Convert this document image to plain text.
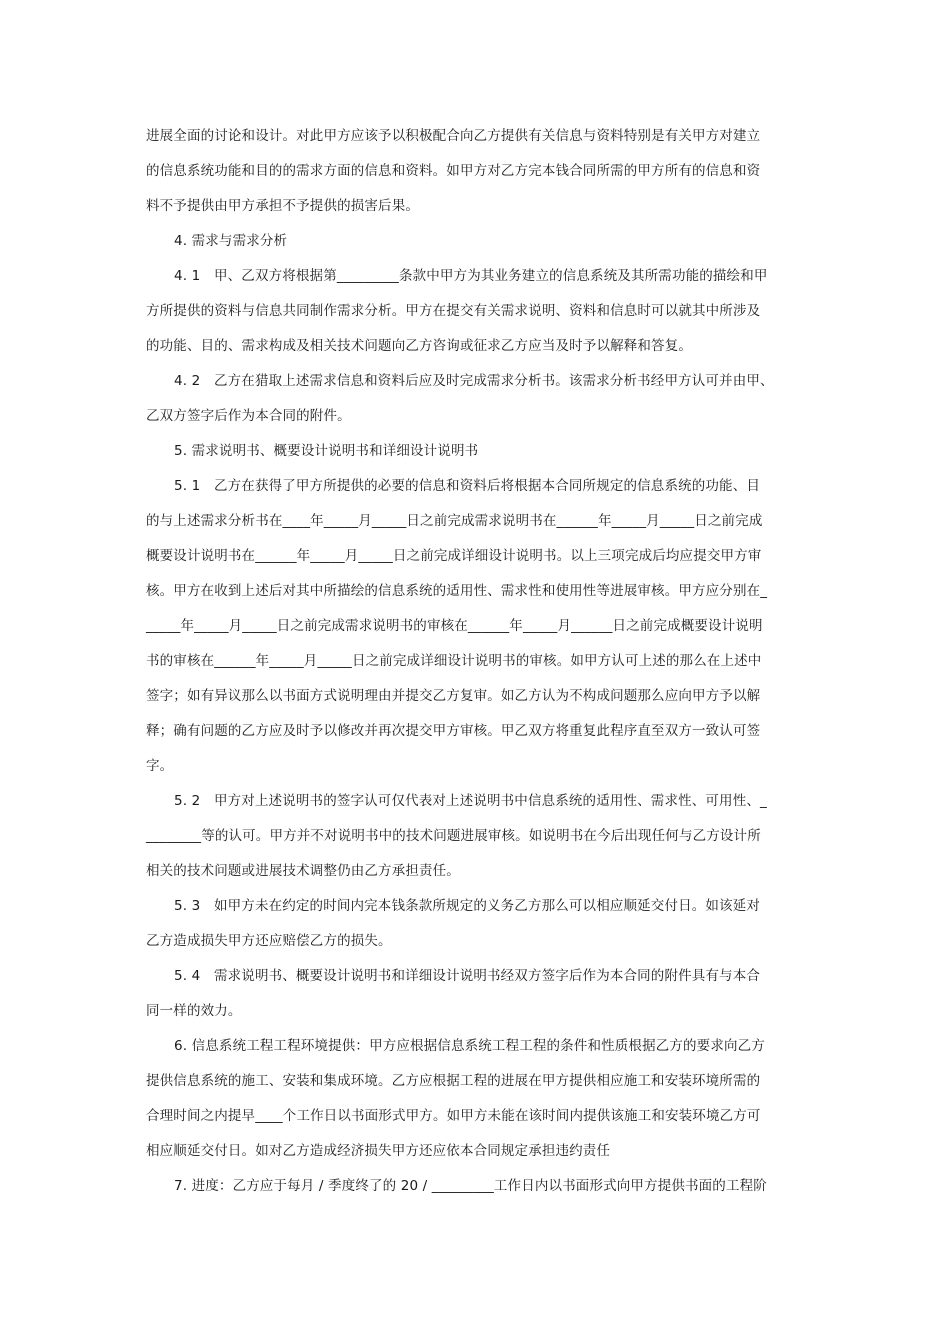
进展全面的讨论和设计。对此甲方应该予以积极配合向乙方提供有关信息与资料特别是有关甲方对建立
的信息系统功能和目的的需求方面的信息和资料。如甲方对乙方完本钱合同所需的甲方所有的信息和资
料不予提供由甲方承担不予提供的损害后果。
4. 需求与需求分析
4. 1　甲、乙双方将根据第_________条款中甲方为其业务建立的信息系统及其所需功能的描绘和甲
方所提供的资料与信息共同制作需求分析。甲方在提交有关需求说明、资料和信息时可以就其中所涉及
的功能、目的、需求构成及相关技术问题向乙方咨询或征求乙方应当及时予以解释和答复。
4. 2　乙方在猎取上述需求信息和资料后应及时完成需求分析书。该需求分析书经甲方认可并由甲、
乙双方签字后作为本合同的附件。
5. 需求说明书、概要设计说明书和详细设计说明书
5. 1　乙方在获得了甲方所提供的必要的信息和资料后将根据本合同所规定的信息系统的功能、目
的与上述需求分析书在____年_____月_____日之前完成需求说明书在______年_____月_____日之前完成
概要设计说明书在______年_____月_____日之前完成详细设计说明书。以上三项完成后均应提交甲方审
核。甲方在收到上述后对其中所描绘的信息系统的适用性、需求性和使用性等进展审核。甲方应分别在_
_____年_____月_____日之前完成需求说明书的审核在______年_____月______日之前完成概要设计说明
书的审核在______年_____月_____日之前完成详细设计说明书的审核。如甲方认可上述的那么在上述中
签字；如有异议那么以书面方式说明理由并提交乙方复审。如乙方认为不构成问题那么应向甲方予以解
释；确有问题的乙方应及时予以修改并再次提交甲方审核。甲乙双方将重复此程序直至双方一致认可签
字。
5. 2　甲方对上述说明书的签字认可仅代表对上述说明书中信息系统的适用性、需求性、可用性、_
________等的认可。甲方并不对说明书中的技术问题进展审核。如说明书在今后出现任何与乙方设计所
相关的技术问题或进展技术调整仍由乙方承担责任。
5. 3　如甲方未在约定的时间内完本钱条款所规定的义务乙方那么可以相应顺延交付日。如该延对
乙方造成损失甲方还应赔偿乙方的损失。
5. 4　需求说明书、概要设计说明书和详细设计说明书经双方签字后作为本合同的附件具有与本合
同一样的效力。
6. 信息系统工程工程环境提供：甲方应根据信息系统工程工程的条件和性质根据乙方的要求向乙方
提供信息系统的施工、安装和集成环境。乙方应根据工程的进展在甲方提供相应施工和安装环境所需的
合理时间之内提早____个工作日以书面形式甲方。如甲方未能在该时间内提供该施工和安装环境乙方可
相应顺延交付日。如对乙方造成经济损失甲方还应依本合同规定承担违约责任
7. 进度：乙方应于每月 / 季度终了的 20 / _________工作日内以书面形式向甲方提供书面的工程阶
